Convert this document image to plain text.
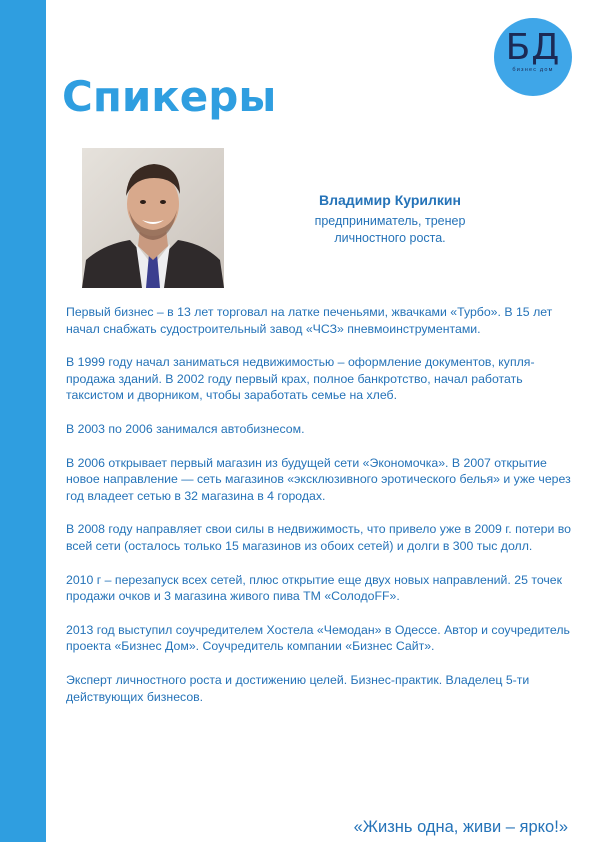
БД
бизнес дом
Спикеры
Владимир Курилкин
предприниматель, тренер
личностного роста.

Первый бизнес – в 13 лет торговал на латке печеньями, жвачками «Турбо». В 15 лет начал снабжать судостроительный завод «ЧСЗ» пневмоинструментами.

В 1999 году начал заниматься недвижимостью – оформление документов, купля-продажа зданий. В 2002 году первый крах, полное банкротство, начал работать таксистом и дворником, чтобы заработать семье на хлеб.

В 2003 по 2006 занимался автобизнесом.

В 2006 открывает первый магазин из будущей сети «Экономочка». В 2007 открытие новое направление — сеть магазинов «эксклюзивного эротического белья» и уже через год владеет сетью в 32 магазина в 4 городах.

В 2008 году направляет свои силы в недвижимость, что привело уже в 2009 г. потери во всей сети (осталось только 15 магазинов из обоих сетей) и долги в 300 тыс долл.

2010 г – перезапуск всех сетей, плюс открытие еще двух новых направлений. 25 точек продажи очков и 3 магазина живого пива ТМ «СолодоFF».

2013 год выступил соучредителем Хостела «Чемодан» в Одессе. Автор и соучредитель проекта «Бизнес Дом». Соучредитель компании «Бизнес Сайт».

Эксперт личностного роста и достижению целей. Бизнес-практик. Владелец 5-ти действующих бизнесов.

«Жизнь одна, живи – ярко!»
